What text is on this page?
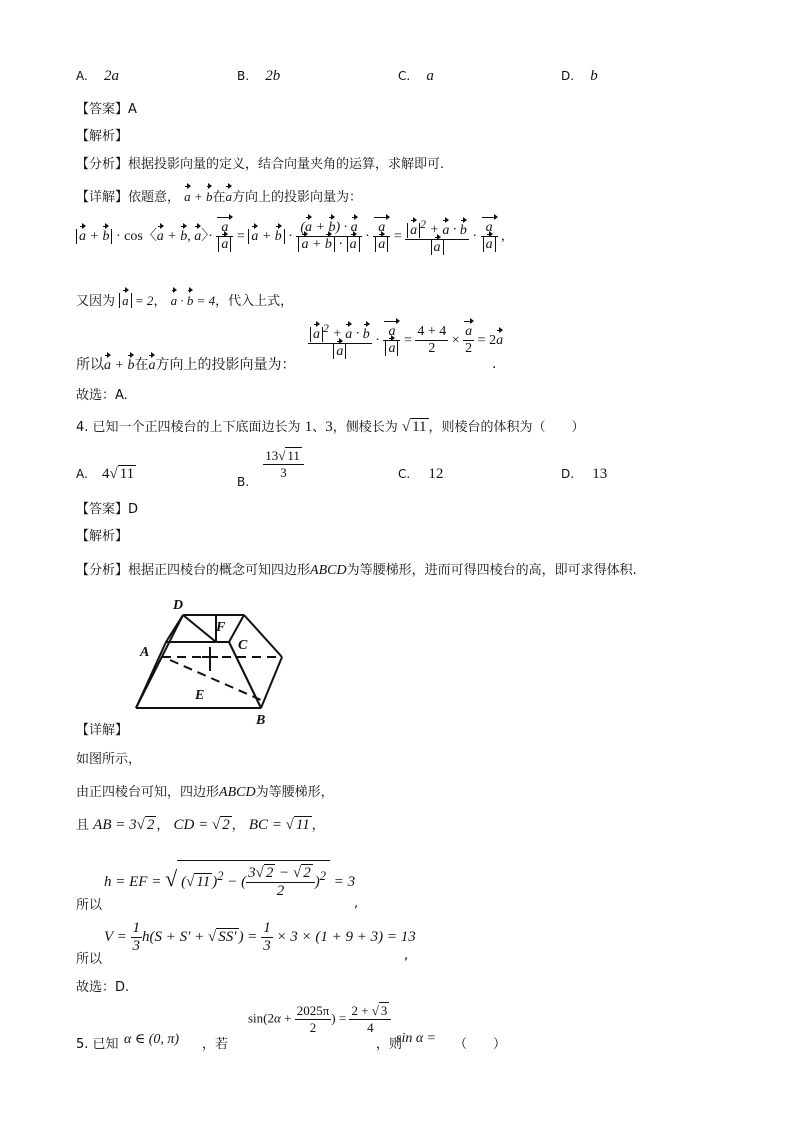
A. 2a	B. 2b	C. a	D. b
【答案】A
【解析】
【分析】根据投影向量的定义，结合向量夹角的运算，求解即可.
【详解】依题意， a + b在a方向上的投影向量为：
a + b · cos〈a + b, a〉· $\frac{a}{a} = a + b \cdot \frac{(a + b) \cdot a}{a + b \cdot a} \cdot \frac{a}{a} = \frac{a ^2 + a \cdot b}{a} \cdot \frac{a}{a}$ ,
又因为 a = 2， a · b = 4，代入上式，
所以a + b在a方向上的投影向量为：
$\frac{a ^2 + a \cdot b}{a} \cdot \frac{a}{a} = \frac{4 + 4}{2} \times \frac{a}{2} = 2a$
.
故选：A.
4. 已知一个正四棱台的上下底面边长为 1、3，侧棱长为 √ 11 ，则棱台的体积为（　　）
A. 4√ 11	B.
$\frac{13√ 11}{3}$	C. 12	D. 13
【答案】D
【解析】
【分析】根据正四棱台的概念可知四边形ABCD为等腰梯形，进而可得四棱台的高，即可求得体积.
D
F
A	C
E
B
【详解】
如图所示，
由正四棱台可知，四边形ABCD为等腰梯形，
且 AB = 3√ 2 ， CD = √ 2 ， BC = √ 11 ，
所以
h = EF = √ (√ 11 )$^2$ − ( $\frac{3√ 2 - √ 2}{2} )^2 = 3$
,
所以
$V = \frac{1}{3} h(S + S'$ + √ SS′ ) = $\frac{1}{3} \times 3 \times (1 + 9 + 3) = 13$
,
故选：D.
5. 已知 α ∈ (0, π) ，若
$\sin(2\alpha + \frac{2025\pi}{2}$ ) = $\frac{2 + √ 3}{4}$
，则
sin α = （　　）
